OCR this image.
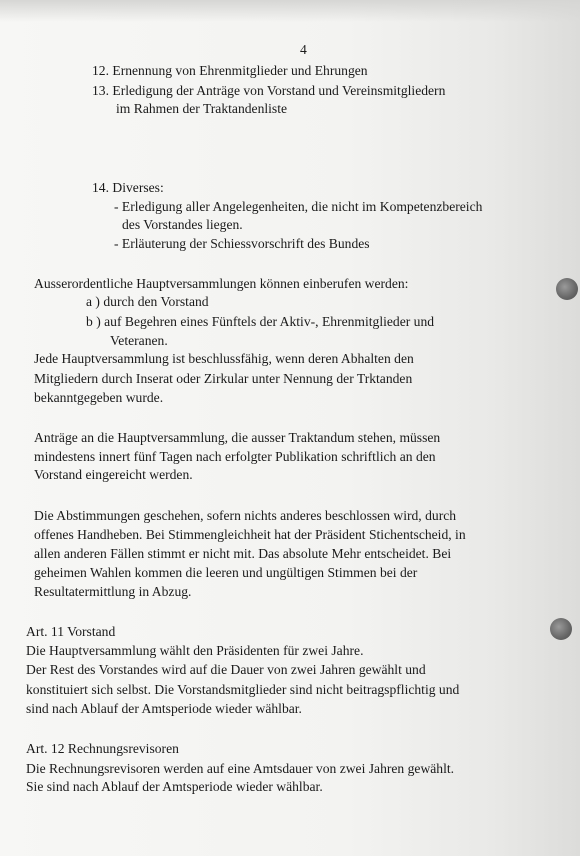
4
12. Ernennung von Ehrenmitglieder und Ehrungen
13. Erledigung der Anträge von Vorstand und Vereinsmitgliedern
im Rahmen der Traktandenliste
14. Diverses:
- Erledigung aller Angelegenheiten, die nicht im Kompetenzbereich
des Vorstandes liegen.
- Erläuterung der Schiessvorschrift des Bundes
Ausserordentliche Hauptversammlungen können einberufen werden:
a ) durch den Vorstand
b ) auf Begehren eines Fünftels der Aktiv-, Ehrenmitglieder und
Veteranen.
Jede Hauptversammlung ist beschlussfähig, wenn deren Abhalten den
Mitgliedern durch Inserat oder Zirkular unter Nennung der Trktanden
bekanntgegeben wurde.
Anträge an die Hauptversammlung, die ausser Traktandum stehen, müssen
mindestens innert fünf Tagen nach erfolgter Publikation schriftlich an den
Vorstand eingereicht werden.
Die Abstimmungen geschehen, sofern nichts anderes beschlossen wird, durch
offenes Handheben. Bei Stimmengleichheit hat der Präsident Stichentscheid, in
allen anderen Fällen stimmt er nicht mit. Das absolute Mehr entscheidet. Bei
geheimen Wahlen kommen die leeren und ungültigen Stimmen bei der
Resultatermittlung in Abzug.
Art. 11 Vorstand
Die Hauptversammlung wählt den Präsidenten für zwei Jahre.
Der Rest des Vorstandes wird auf die Dauer von zwei Jahren gewählt und
konstituiert sich selbst. Die Vorstandsmitglieder sind nicht beitragspflichtig und
sind nach Ablauf der Amtsperiode wieder wählbar.
Art. 12 Rechnungsrevisoren
Die Rechnungsrevisoren werden auf eine Amtsdauer von zwei Jahren gewählt.
Sie sind nach Ablauf der Amtsperiode wieder wählbar.
